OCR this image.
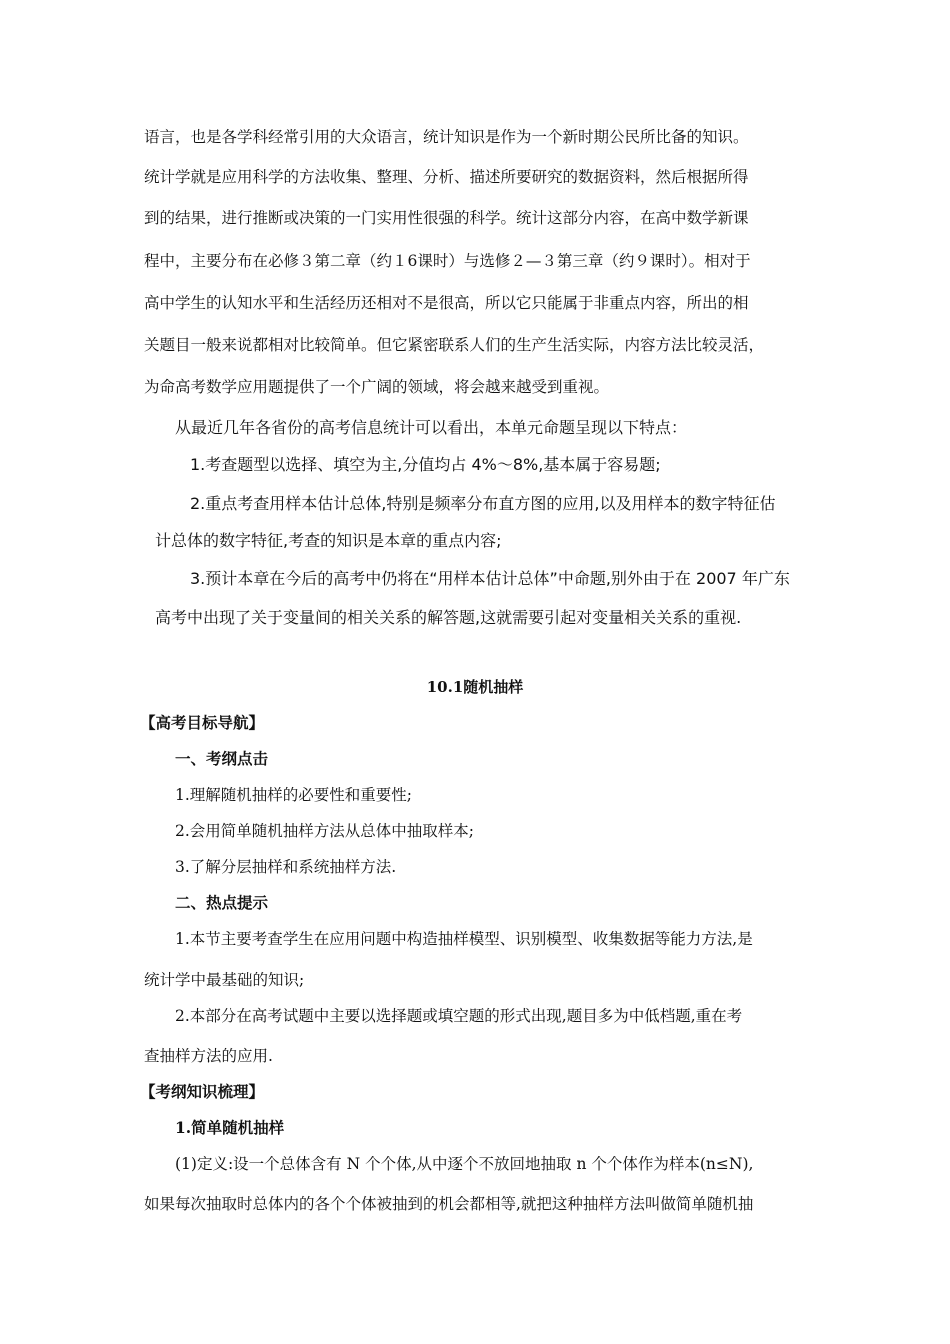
语言，也是各学科经常引用的大众语言，统计知识是作为一个新时期公民所比备的知识。
统计学就是应用科学的方法收集、整理、分析、描述所要研究的数据资料，然后根据所得
到的结果，进行推断或决策的一门实用性很强的科学。统计这部分内容，在高中数学新课
程中，主要分布在必修３第二章（约１6课时）与选修２—３第三章（约９课时）。相对于
高中学生的认知水平和生活经历还相对不是很高，所以它只能属于非重点内容，所出的相
关题目一般来说都相对比较简单。但它紧密联系人们的生产生活实际，内容方法比较灵活，
为命高考数学应用题提供了一个广阔的领域，将会越来越受到重视。
从最近几年各省份的高考信息统计可以看出，本单元命题呈现以下特点：
1.考查题型以选择、填空为主,分值均占 4%～8%,基本属于容易题;
2.重点考查用样本估计总体,特别是频率分布直方图的应用,以及用样本的数字特征估
计总体的数字特征,考查的知识是本章的重点内容;
3.预计本章在今后的高考中仍将在“用样本估计总体”中命题,别外由于在 2007 年广东
高考中出现了关于变量间的相关关系的解答题,这就需要引起对变量相关关系的重视.
10.1随机抽样
【高考目标导航】
一、考纲点击
1.理解随机抽样的必要性和重要性;
2.会用简单随机抽样方法从总体中抽取样本;
3.了解分层抽样和系统抽样方法.
二、热点提示
1.本节主要考查学生在应用问题中构造抽样模型、识别模型、收集数据等能力方法,是
统计学中最基础的知识;
2.本部分在高考试题中主要以选择题或填空题的形式出现,题目多为中低档题,重在考
查抽样方法的应用.
【考纲知识梳理】
1.简单随机抽样
(1)定义:设一个总体含有 N 个个体,从中逐个不放回地抽取 n 个个体作为样本(n≤N),
如果每次抽取时总体内的各个个体被抽到的机会都相等,就把这种抽样方法叫做简单随机抽
